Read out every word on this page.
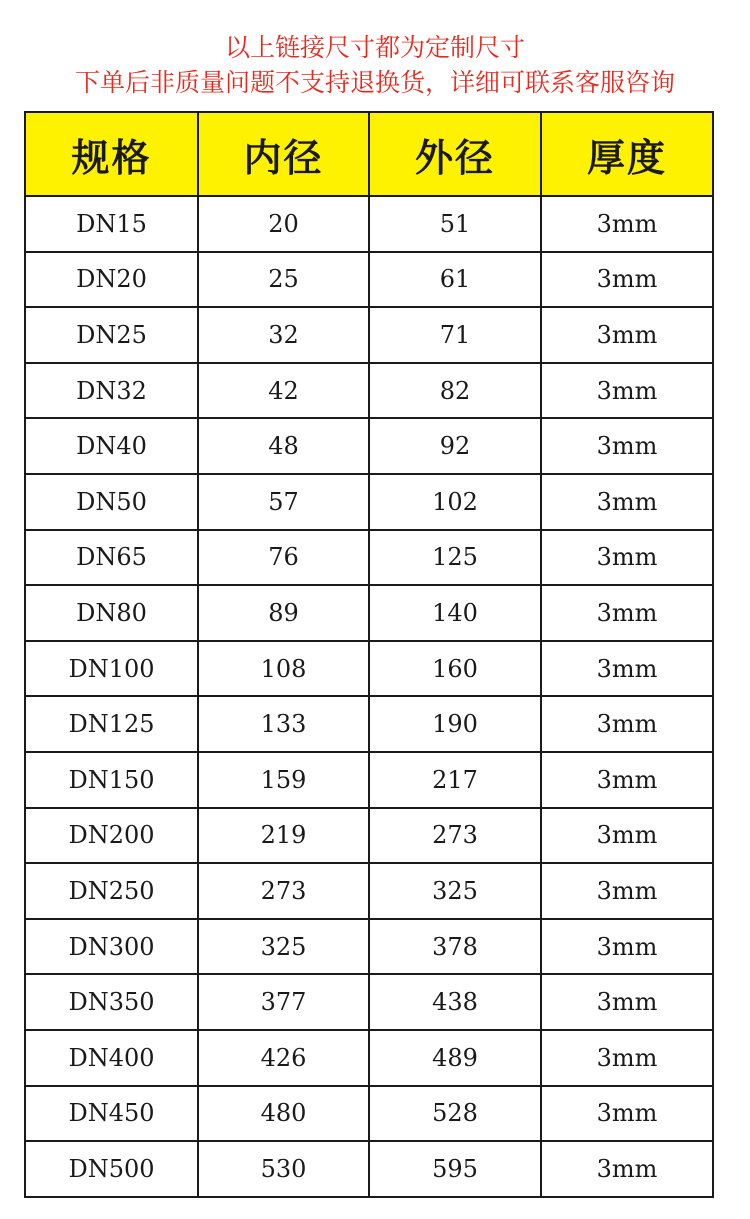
以上链接尺寸都为定制尺寸
下单后非质量问题不支持退换货，详细可联系客服咨询
规格	内径	外径	厚度
DN15	20	51	3mm
DN20	25	61	3mm
DN25	32	71	3mm
DN32	42	82	3mm
DN40	48	92	3mm
DN50	57	102	3mm
DN65	76	125	3mm
DN80	89	140	3mm
DN100	108	160	3mm
DN125	133	190	3mm
DN150	159	217	3mm
DN200	219	273	3mm
DN250	273	325	3mm
DN300	325	378	3mm
DN350	377	438	3mm
DN400	426	489	3mm
DN450	480	528	3mm
DN500	530	595	3mm
